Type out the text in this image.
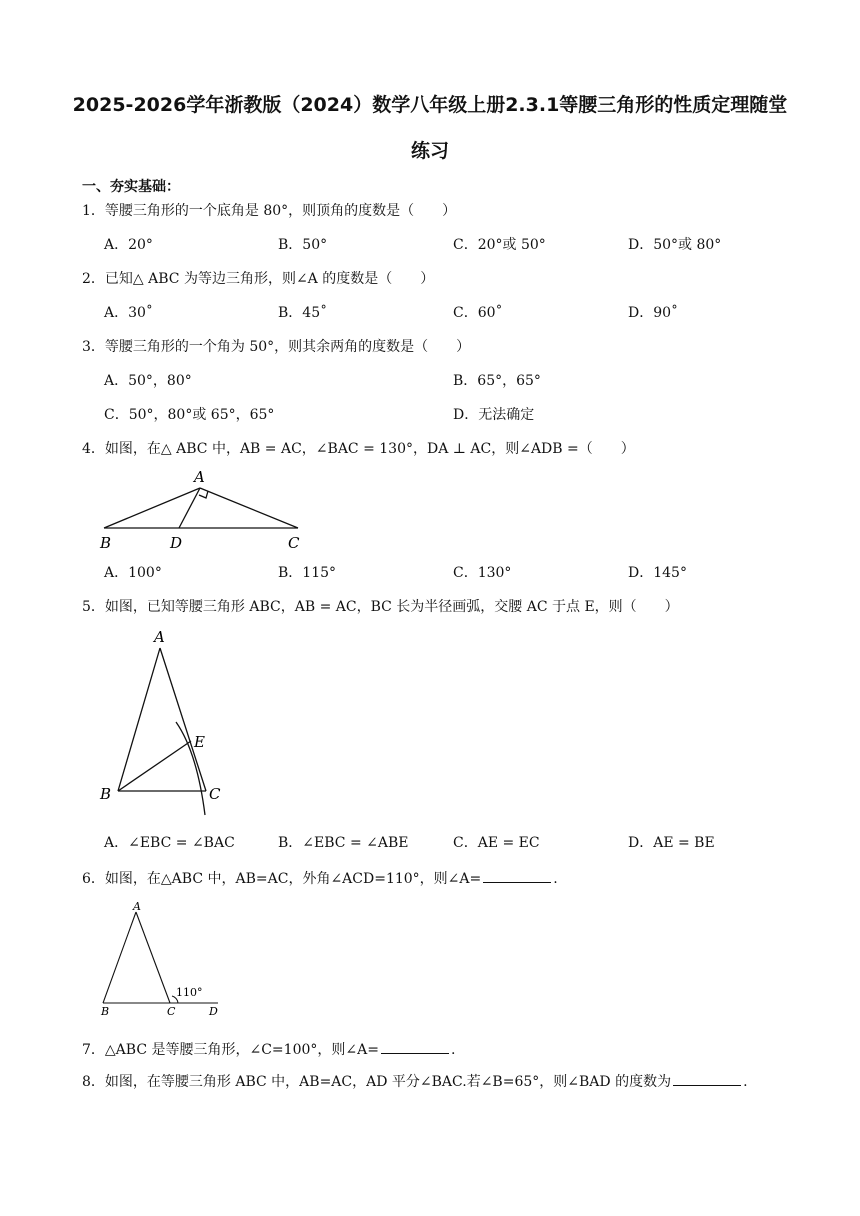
2025-2026学年浙教版（2024）数学八年级上册2.3.1等腰三角形的性质定理随堂
练习
一、夯实基础：
1．等腰三角形的一个底角是 80°，则顶角的度数是（　　）
A．20°	B．50°	C．20°或 50°	D．50°或 80°
2．已知△ ABC 为等边三角形，则∠A 的度数是（　　）
A．30˚	B．45˚	C．60˚	D．90˚
3．等腰三角形的一个角为 50°，则其余两角的度数是（　　）
A．50°，80°	B．65°，65°
C．50°，80°或 65°，65°	D．无法确定
4．如图，在△ ABC 中，AB = AC，∠BAC = 130°，DA ⊥ AC，则∠ADB =（　　）
A
B	D	C
A．100°	B．115°	C．130°	D．145°
5．如图，已知等腰三角形 ABC，AB = AC，BC 长为半径画弧，交腰 AC 于点 E，则（　　）
A
E
B	C
A．∠EBC = ∠BAC	B．∠EBC = ∠ABE	C．AE = EC	D．AE = BE
6．如图，在△ABC 中，AB=AC，外角∠ACD=110°，则∠A=	.
A
B	C	D
110°
7．△ABC 是等腰三角形，∠C=100°，则∠A=	.
8．如图，在等腰三角形 ABC 中，AB=AC，AD 平分∠BAC.若∠B=65°，则∠BAD 的度数为	.
